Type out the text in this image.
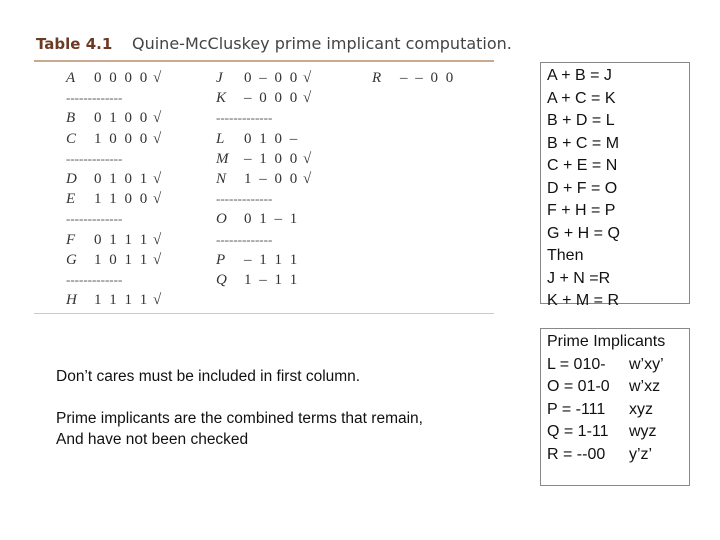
Table 4.1 Quine-McCluskey prime implicant computation.
A 0 0 0 0 √
-------------
B 0 1 0 0 √
C 1 0 0 0 √
-------------
D 0 1 0 1 √
E 1 1 0 0 √
-------------
F 0 1 1 1 √
G 1 0 1 1 √
-------------
H 1 1 1 1 √
J 0 – 0 0 √
K – 0 0 0 √
-------------
L 0 1 0 –
M – 1 0 0 √
N 1 – 0 0 √
-------------
O 0 1 – 1
-------------
P – 1 1 1
Q 1 – 1 1
R – – 0 0
Don’t cares must be included in first column.
Prime implicants are the combined terms that remain,
And have not been checked
A + B = J
A + C = K
B + D = L
B + C = M
C + E = N
D + F = O
F + H = P
G + H = Q
Then
J + N =R
K + M = R
Prime Implicants
L = 010-	w’xy’
O = 01-0	w’xz
P = -111	xyz
Q = 1-11	wyz
R = --00	y’z’
